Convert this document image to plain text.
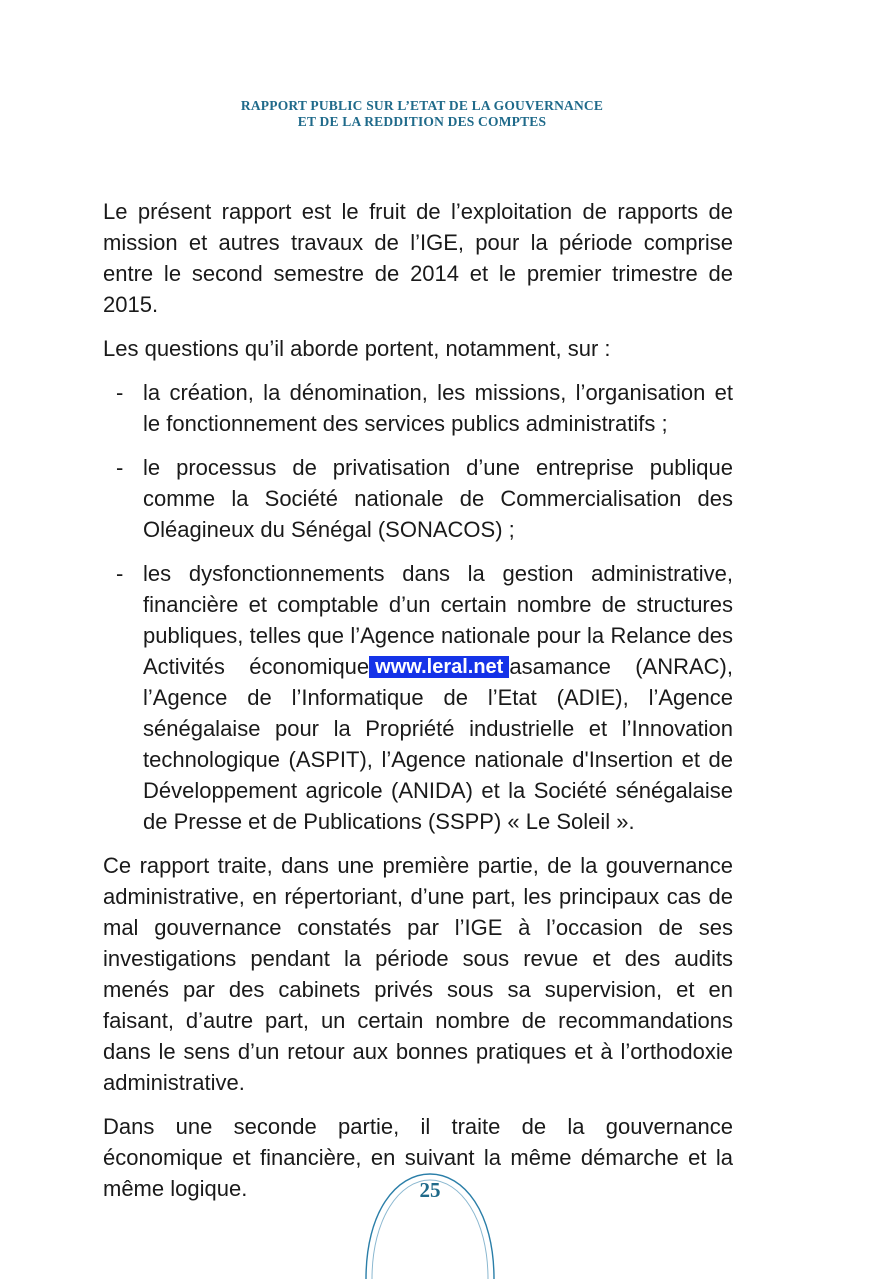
RAPPORT PUBLIC SUR L’ETAT DE LA GOUVERNANCE
ET DE LA REDDITION DES COMPTES

Le présent rapport est le fruit de l’exploitation de rapports de mission et autres travaux de l’IGE, pour la période comprise entre le second semestre de 2014 et le premier trimestre de 2015.

Les questions qu’il aborde portent, notamment, sur :

- la création, la dénomination, les missions, l’organisation et le fonctionnement des services publics administratifs ;
- le processus de privatisation d’une entreprise publique comme la Société nationale de Commercialisation des Oléagineux du Sénégal (SONACOS) ;
- les dysfonctionnements dans la gestion administrative, financière et comptable d’un certain nombre de structures publiques, telles que l’Agence nationale pour la Relance des Activités économique www.leral.net asamance (ANRAC), l’Agence de l’Informatique de l’Etat (ADIE), l’Agence sénégalaise pour la Propriété industrielle et l’Innovation technologique (ASPIT), l’Agence nationale d'Insertion et de Développement agricole (ANIDA) et la Société sénégalaise de Presse et de Publications (SSPP) « Le Soleil ».

Ce rapport traite, dans une première partie, de la gouvernance administrative, en répertoriant, d’une part, les principaux cas de mal gouvernance constatés par l’IGE à l’occasion de ses investigations pendant la période sous revue et des audits menés par des cabinets privés sous sa supervision, et en faisant, d’autre part, un certain nombre de recommandations dans le sens d’un retour aux bonnes pratiques et à l’orthodoxie administrative.

Dans une seconde partie, il traite de la gouvernance économique et financière, en suivant la même démarche et la même logique.	25
